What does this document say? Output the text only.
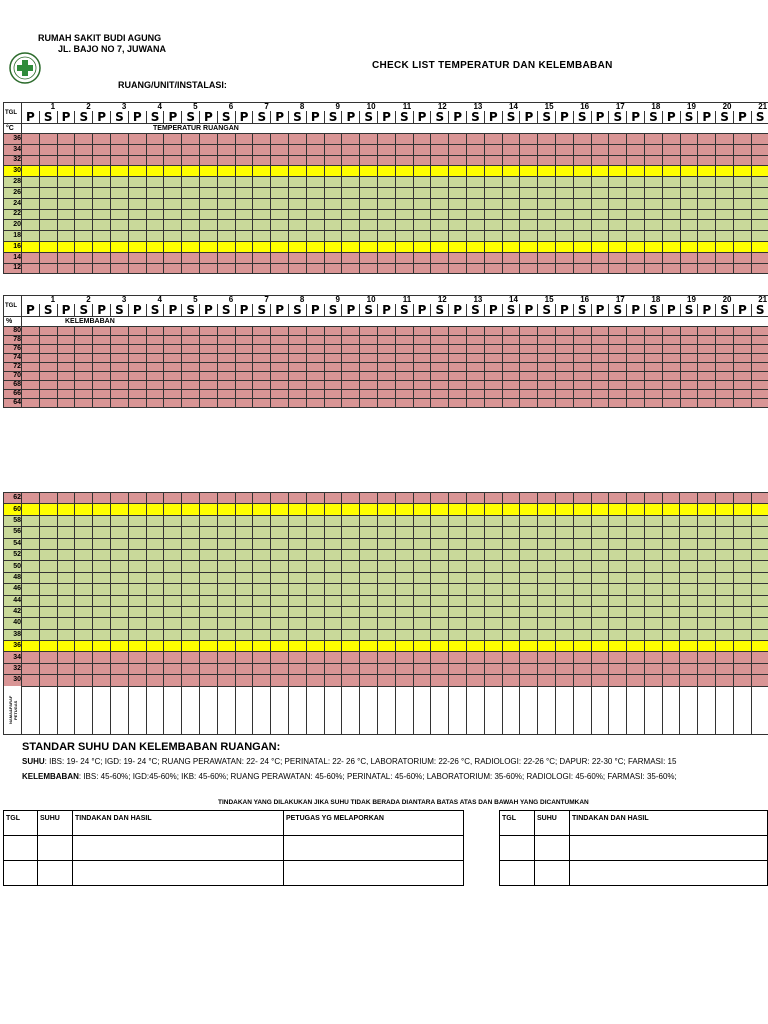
RUMAH SAKIT BUDI AGUNG
JL. BAJO NO 7, JUWANA
RUANG/UNIT/INSTALASI:
CHECK LIST TEMPERATUR DAN KELEMBABAN
TGL	1		2		3		4		5		6		7		8		9		10		11		12		13		14		15		16		17		18		19		20		21	
	P	S	P	S	P	S	P	S	P	S	P	S	P	S	P	S	P	S	P	S	P	S	P	S	P	S	P	S	P	S	P	S	P	S	P	S	P	S	P	S	P	S
°C	TEMPERATUR RUANGAN																																									
36																																										
34																																										
32																																										
30																																										
28																																										
26																																										
24																																										
22																																										
20																																										
18																																										
16																																										
14																																										
12																																										
TGL	1		2		3		4		5		6		7		8		9		10		11		12		13		14		15		16		17		18		19		20		21	
	P	S	P	S	P	S	P	S	P	S	P	S	P	S	P	S	P	S	P	S	P	S	P	S	P	S	P	S	P	S	P	S	P	S	P	S	P	S	P	S	P	S
%	KELEMBABAN																																									
80																																										
78																																										
76																																										
74																																										
72																																										
70																																										
68																																										
66																																										
64																																										
62																																										
60																																										
58																																										
56																																										
54																																										
52																																										
50																																										
48																																										
46																																										
44																																										
42																																										
40																																										
38																																										
36																																										
34																																										
32																																										
30																																										
NAMA&PARAF PETUGAS																																										
STANDAR SUHU DAN KELEMBABAN RUANGAN:
SUHU: IBS: 19- 24 °C; IGD: 19- 24 °C; RUANG PERAWATAN: 22- 24 °C; PERINATAL: 22- 26 °C, LABORATORIUM: 22-26 °C, RADIOLOGI: 22-26 °C; DAPUR: 22-30 °C; FARMASI: 15
KELEMBABAN: IBS: 45-60%; IGD:45-60%; IKB: 45-60%; RUANG PERAWATAN: 45-60%; PERINATAL: 45-60%; LABORATORIUM: 35-60%; RADIOLOGI: 45-60%; FARMASI: 35-60%;
TINDAKAN YANG DILAKUKAN JIKA SUHU TIDAK BERADA DIANTARA BATAS ATAS DAN BAWAH YANG DICANTUMKAN
TGL	SUHU	TINDAKAN DAN HASIL	PETUGAS YG MELAPORKAN

				TGL	SUHU	TINDAKAN DAN HASIL
